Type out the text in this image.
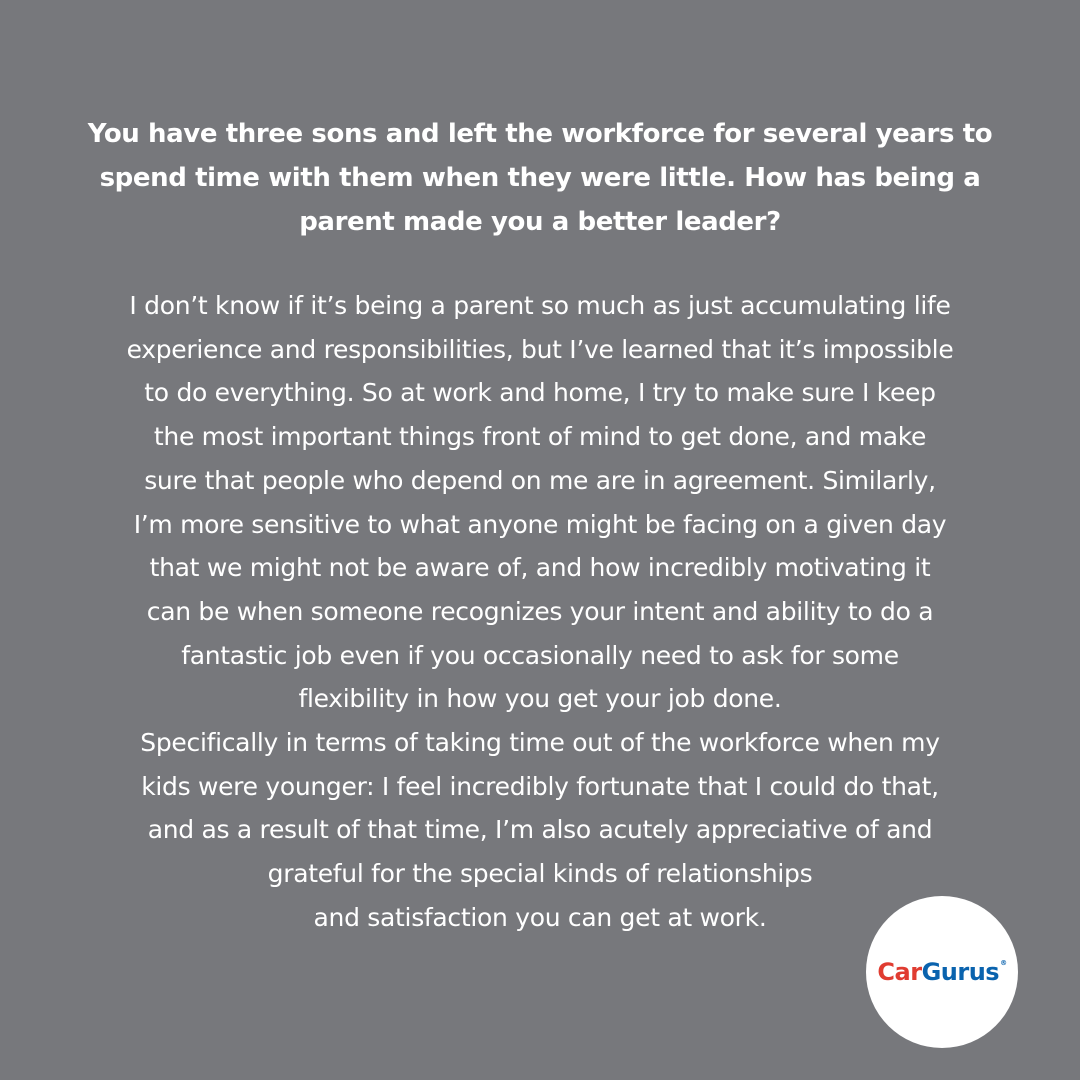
You have three sons and left the workforce for several years to
spend time with them when they were little. How has being a
parent made you a better leader?

I don’t know if it’s being a parent so much as just accumulating life
experience and responsibilities, but I’ve learned that it’s impossible
to do everything. So at work and home, I try to make sure I keep
the most important things front of mind to get done, and make
sure that people who depend on me are in agreement. Similarly,
I’m more sensitive to what anyone might be facing on a given day
that we might not be aware of, and how incredibly motivating it
can be when someone recognizes your intent and ability to do a
fantastic job even if you occasionally need to ask for some
flexibility in how you get your job done.

Specifically in terms of taking time out of the workforce when my
kids were younger: I feel incredibly fortunate that I could do that,
and as a result of that time, I’m also acutely appreciative of and
grateful for the special kinds of relationships
and satisfaction you can get at work.

CarGurus®
